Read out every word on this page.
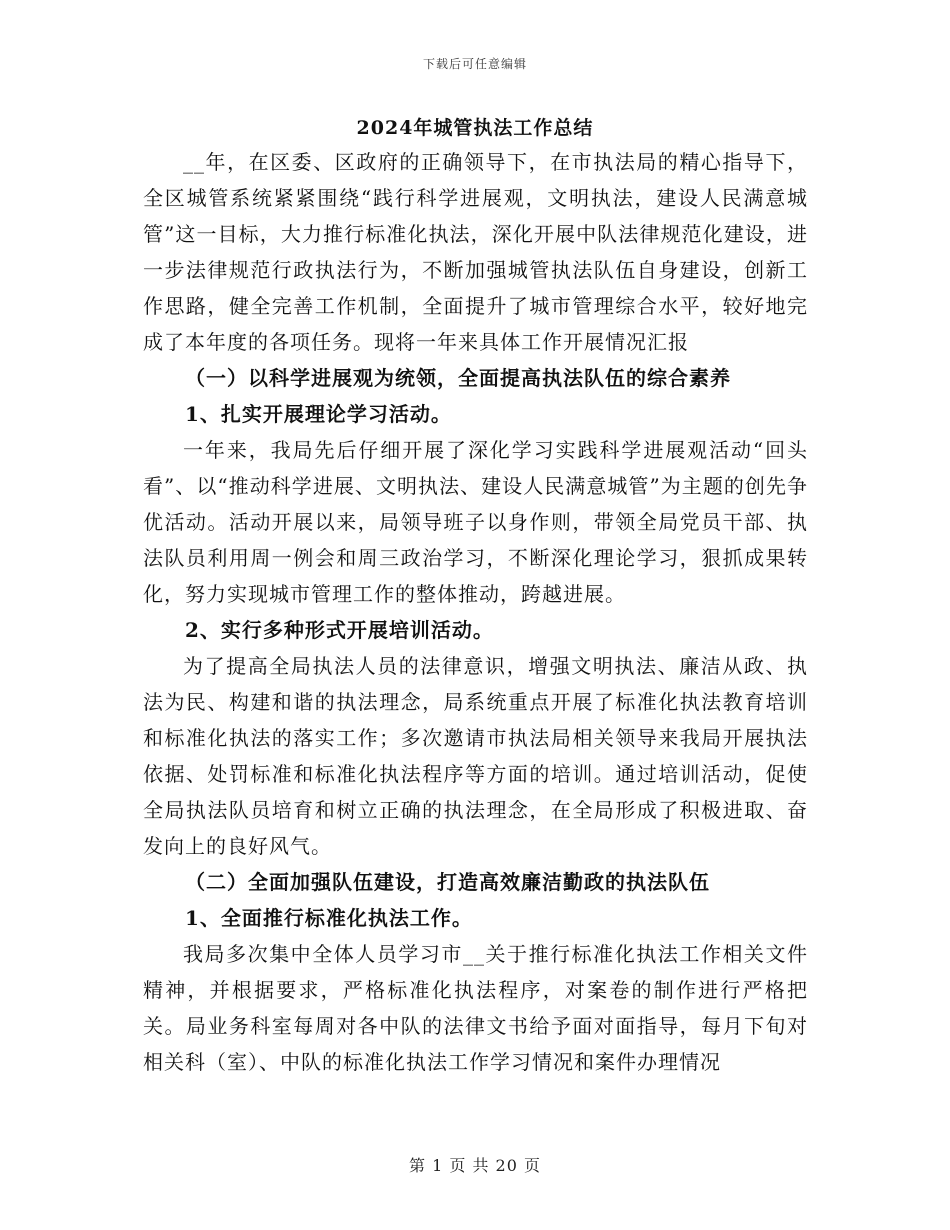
下载后可任意编辑
2024年城管执法工作总结

__年，在区委、区政府的正确领导下，在市执法局的精心指导下，全区城管系统紧紧围绕“践行科学进展观，文明执法，建设人民满意城管”这一目标，大力推行标准化执法，深化开展中队法律规范化建设，进一步法律规范行政执法行为，不断加强城管执法队伍自身建设，创新工作思路，健全完善工作机制，全面提升了城市管理综合水平，较好地完成了本年度的各项任务。现将一年来具体工作开展情况汇报

（一）以科学进展观为统领，全面提高执法队伍的综合素养

1、扎实开展理论学习活动。

一年来，我局先后仔细开展了深化学习实践科学进展观活动“回头看”、以“推动科学进展、文明执法、建设人民满意城管”为主题的创先争优活动。活动开展以来，局领导班子以身作则，带领全局党员干部、执法队员利用周一例会和周三政治学习，不断深化理论学习，狠抓成果转化，努力实现城市管理工作的整体推动，跨越进展。

2、实行多种形式开展培训活动。

为了提高全局执法人员的法律意识，增强文明执法、廉洁从政、执法为民、构建和谐的执法理念，局系统重点开展了标准化执法教育培训和标准化执法的落实工作；多次邀请市执法局相关领导来我局开展执法依据、处罚标准和标准化执法程序等方面的培训。通过培训活动，促使全局执法队员培育和树立正确的执法理念，在全局形成了积极进取、奋发向上的良好风气。

（二）全面加强队伍建设，打造高效廉洁勤政的执法队伍

1、全面推行标准化执法工作。

我局多次集中全体人员学习市__关于推行标准化执法工作相关文件精神，并根据要求，严格标准化执法程序，对案卷的制作进行严格把关。局业务科室每周对各中队的法律文书给予面对面指导，每月下旬对相关科（室）、中队的标准化执法工作学习情况和案件办理情况

第 1 页 共 20 页
